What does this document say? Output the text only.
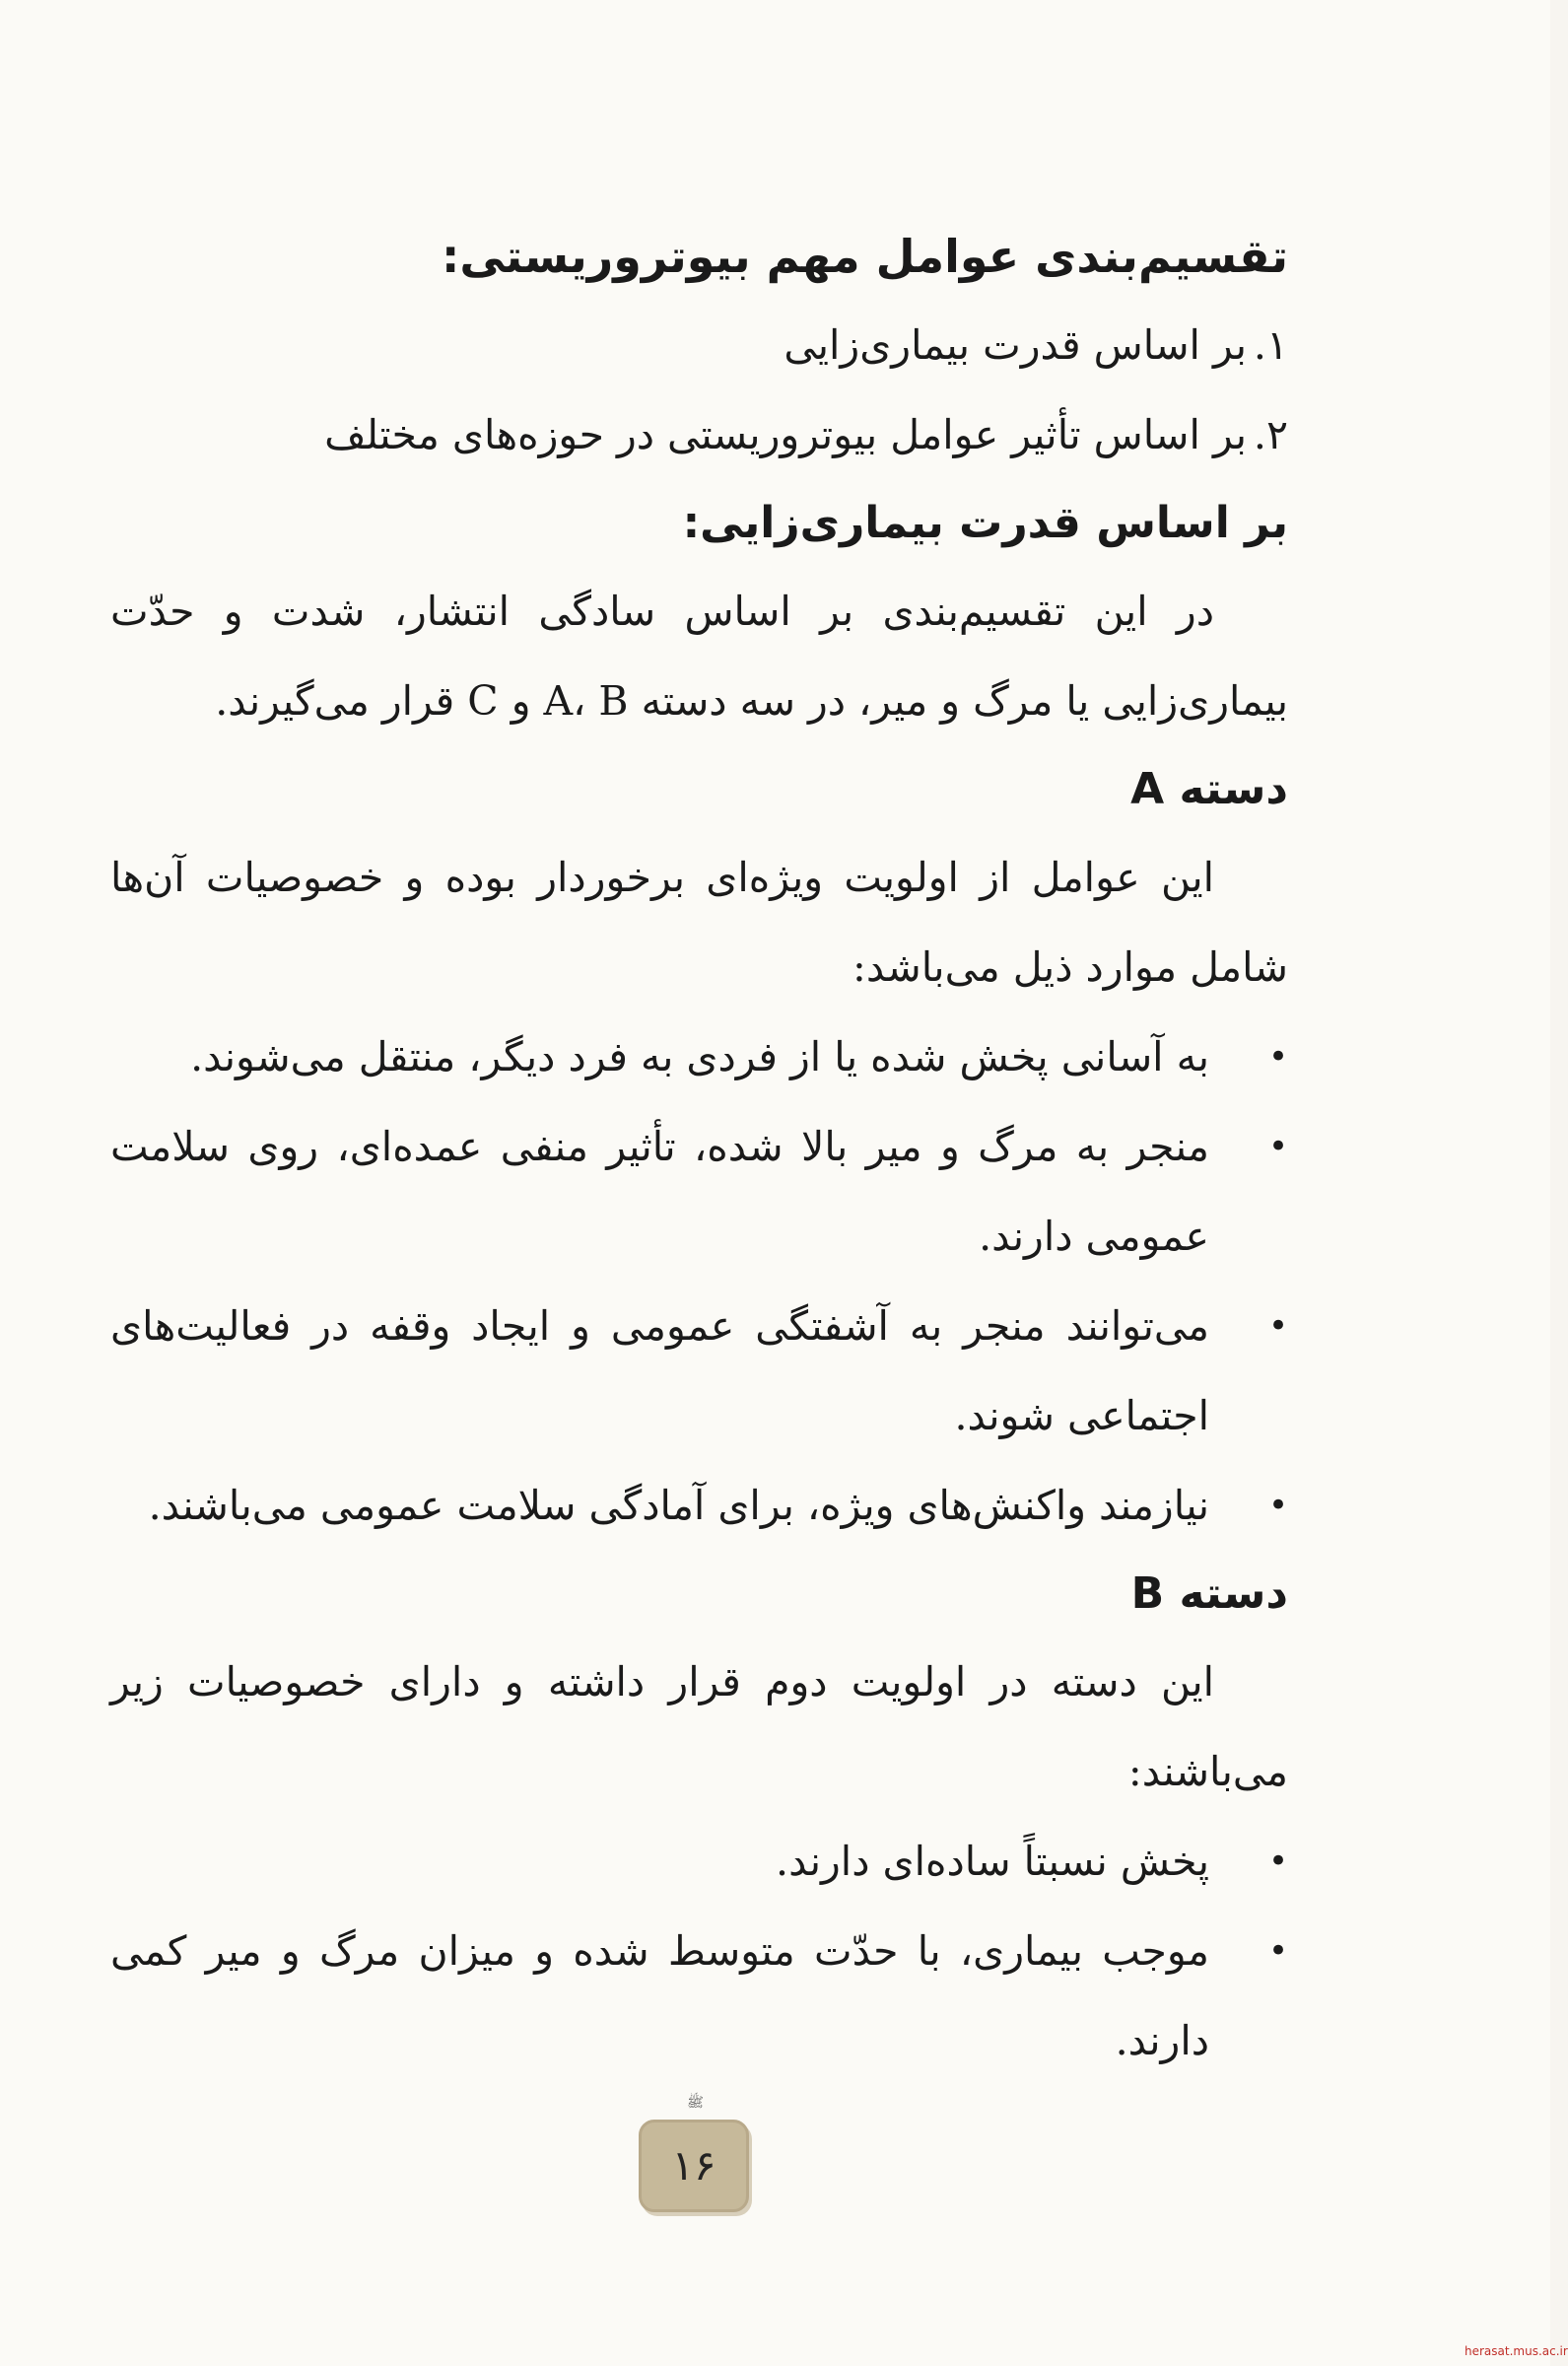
تقسیم‌بندی عوامل مهم بیوتروریستی:
۱.
بر اساس قدرت بیماری‌زایی
۲.
بر اساس تأثیر عوامل بیوتروریستی در حوزه‌های مختلف
بر اساس قدرت بیماری‌زایی:

در این تقسیم‌بندی بر اساس سادگی انتشار، شدت و حدّت بیماری‌زایی یا مرگ و میر، در سه دسته A، B و C قرار می‌گیرند.

دسته A

این عوامل از اولویت ویژه‌ای برخوردار بوده و خصوصیات آن‌ها شامل موارد ذیل می‌باشد:

•
به آسانی پخش شده یا از فردی به فرد دیگر، منتقل می‌شوند.
•
منجر به مرگ و میر بالا شده، تأثیر منفی عمده‌ای، روی سلامت عمومی دارند.
•
می‌توانند منجر به آشفتگی عمومی و ایجاد وقفه در فعالیت‌های اجتماعی شوند.
•
نیازمند واکنش‌های ویژه، برای آمادگی سلامت عمومی می‌باشند.
دسته B

این دسته در اولویت دوم قرار داشته و دارای خصوصیات زیر می‌باشند:

•
پخش نسبتاً ساده‌ای دارند.
•
موجب بیماری، با حدّت متوسط شده و میزان مرگ و میر کمی دارند.
ﷺ
۱۶
herasat.mus.ac.ir
